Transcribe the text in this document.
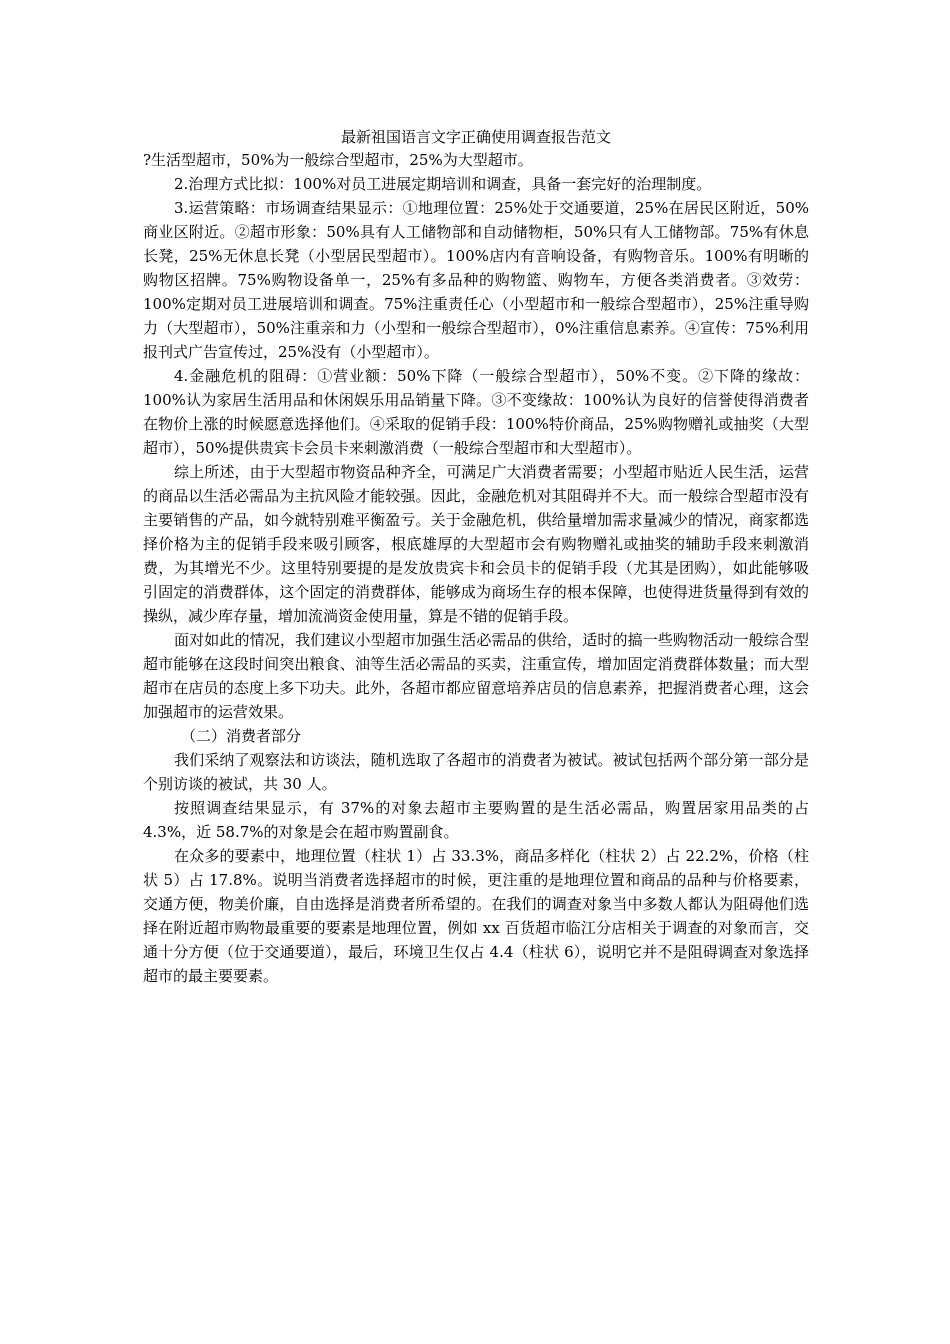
最新祖国语言文字正确使用调查报告范文

?生活型超市，50%为一般综合型超市，25%为大型超市。

2.治理方式比拟：100%对员工进展定期培训和调查，具备一套完好的治理制度。

3.运营策略：市场调查结果显示：①地理位置：25%处于交通要道，25%在居民区附近，50%商业区附近。②超市形象：50%具有人工储物部和自动储物柜，50%只有人工储物部。75%有休息长凳，25%无休息长凳（小型居民型超市）。100%店内有音响设备，有购物音乐。100%有明晰的购物区招牌。75%购物设备单一，25%有多品种的购物篮、购物车，方便各类消费者。③效劳：100%定期对员工进展培训和调查。75%注重责任心（小型超市和一般综合型超市），25%注重导购力（大型超市），50%注重亲和力（小型和一般综合型超市），0%注重信息素养。④宣传：75%利用报刊式广告宣传过，25%没有（小型超市）。

4.金融危机的阻碍：①营业额：50%下降（一般综合型超市），50%不变。②下降的缘故：100%认为家居生活用品和休闲娱乐用品销量下降。③不变缘故：100%认为良好的信誉使得消费者在物价上涨的时候愿意选择他们。④采取的促销手段：100%特价商品，25%购物赠礼或抽奖（大型超市），50%提供贵宾卡会员卡来刺激消费（一般综合型超市和大型超市）。

综上所述，由于大型超市物资品种齐全，可满足广大消费者需要；小型超市贴近人民生活，运营的商品以生活必需品为主抗风险才能较强。因此，金融危机对其阻碍并不大。而一般综合型超市没有主要销售的产品，如今就特别难平衡盈亏。关于金融危机，供给量增加需求量减少的情况，商家都选择价格为主的促销手段来吸引顾客，根底雄厚的大型超市会有购物赠礼或抽奖的辅助手段来刺激消费，为其增光不少。这里特别要提的是发放贵宾卡和会员卡的促销手段（尤其是团购），如此能够吸引固定的消费群体，这个固定的消费群体，能够成为商场生存的根本保障，也使得进货量得到有效的操纵，减少库存量，增加流淌资金使用量，算是不错的促销手段。

面对如此的情况，我们建议小型超市加强生活必需品的供给，适时的搞一些购物活动一般综合型超市能够在这段时间突出粮食、油等生活必需品的买卖，注重宣传，增加固定消费群体数量；而大型超市在店员的态度上多下功夫。此外，各超市都应留意培养店员的信息素养，把握消费者心理，这会加强超市的运营效果。

（二）消费者部分

我们采纳了观察法和访谈法，随机选取了各超市的消费者为被试。被试包括两个部分第一部分是个别访谈的被试，共 30 人。

按照调查结果显示，有 37%的对象去超市主要购置的是生活必需品，购置居家用品类的占 4.3%，近 58.7%的对象是会在超市购置副食。

在众多的要素中，地理位置（柱状 1）占 33.3%，商品多样化（柱状 2）占 22.2%，价格（柱状 5）占 17.8%。说明当消费者选择超市的时候，更注重的是地理位置和商品的品种与价格要素，交通方便，物美价廉，自由选择是消费者所希望的。在我们的调查对象当中多数人都认为阻碍他们选择在附近超市购物最重要的要素是地理位置，例如 xx 百货超市临江分店相关于调查的对象而言，交通十分方便（位于交通要道），最后，环境卫生仅占 4.4（柱状 6），说明它并不是阻碍调查对象选择超市的最主要要素。
